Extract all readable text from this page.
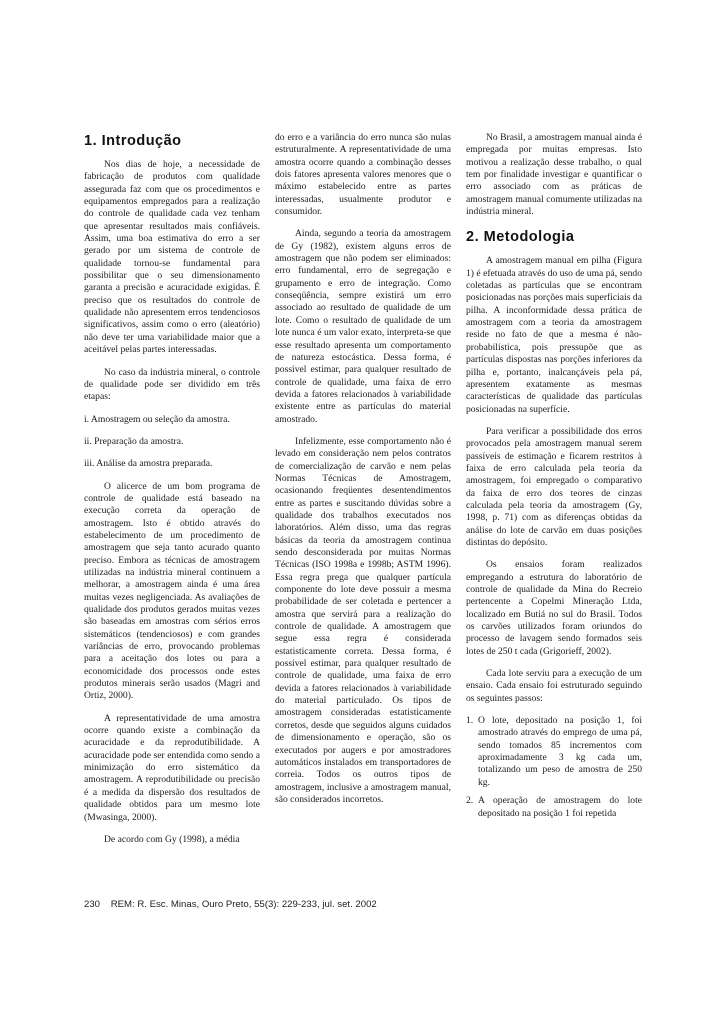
1. Introdução

Nos dias de hoje, a necessidade de fabricação de produtos com qualidade assegurada faz com que os procedimentos e equipamentos empregados para a realização do controle de qualidade cada vez tenham que apresentar resultados mais confiáveis. Assim, uma boa estimativa do erro a ser gerado por um sistema de controle de qualidade tornou-se fundamental para possibilitar que o seu dimensionamento garanta a precisão e acuracidade exigidas. É preciso que os resultados do controle de qualidade não apresentem erros tendenciosos significativos, assim como o erro (aleatório) não deve ter uma variabilidade maior que a aceitável pelas partes interessadas.

No caso da indústria mineral, o controle de qualidade pode ser dividido em três etapas:

i. Amostragem ou seleção da amostra.
ii. Preparação da amostra.
iii. Análise da amostra preparada.

O alicerce de um bom programa de controle de qualidade está baseado na execução correta da operação de amostragem. Isto é obtido através do estabelecimento de um procedimento de amostragem que seja tanto acurado quanto preciso. Embora as técnicas de amostragem utilizadas na indústria mineral continuem a melhorar, a amostragem ainda é uma área muitas vezes negligenciada. As avaliações de qualidade dos produtos gerados muitas vezes são baseadas em amostras com sérios erros sistemáticos (tendenciosos) e com grandes variâncias de erro, provocando problemas para a aceitação dos lotes ou para a economicidade dos processos onde estes produtos minerais serão usados (Magri and Ortiz, 2000).

A representatividade de uma amostra ocorre quando existe a combinação da acuracidade e da reprodutibilidade. A acuracidade pode ser entendida como sendo a minimização do erro sistemático da amostragem. A reprodutibilidade ou precisão é a medida da dispersão dos resultados de qualidade obtidos para um mesmo lote (Mwasinga, 2000).

De acordo com Gy (1998), a média

do erro e a variância do erro nunca são nulas estruturalmente. A representatividade de uma amostra ocorre quando a combinação desses dois fatores apresenta valores menores que o máximo estabelecido entre as partes interessadas, usualmente produtor e consumidor.

Ainda, segundo a teoria da amostragem de Gy (1982), existem alguns erros de amostragem que não podem ser eliminados: erro fundamental, erro de segregação e grupamento e erro de integração. Como conseqüência, sempre existirá um erro associado ao resultado de qualidade de um lote. Como o resultado de qualidade de um lote nunca é um valor exato, interpreta-se que esse resultado apresenta um comportamento de natureza estocástica. Dessa forma, é possível estimar, para qualquer resultado de controle de qualidade, uma faixa de erro devida a fatores relacionados à variabilidade existente entre as partículas do material amostrado.

Infelizmente, esse comportamento não é levado em consideração nem pelos contratos de comercialização de carvão e nem pelas Normas Técnicas de Amostragem, ocasionando freqüentes desentendimentos entre as partes e suscitando dúvidas sobre a qualidade dos trabalhos executados nos laboratórios. Além disso, uma das regras básicas da teoria da amostragem continua sendo desconsiderada por muitas Normas Técnicas (ISO 1998a e 1998b; ASTM 1996). Essa regra prega que qualquer partícula componente do lote deve possuir a mesma probabilidade de ser coletada e pertencer a amostra que servirá para a realização do controle de qualidade. A amostragem que segue essa regra é considerada estatisticamente correta. Dessa forma, é possível estimar, para qualquer resultado de controle de qualidade, uma faixa de erro devida a fatores relacionados à variabilidade do material particulado. Os tipos de amostragem consideradas estatisticamente corretos, desde que seguidos alguns cuidados de dimensionamento e operação, são os executados por augers e por amostradores automáticos instalados em transportadores de correia. Todos os outros tipos de amostragem, inclusive a amostragem manual, são considerados incorretos.

No Brasil, a amostragem manual ainda é empregada por muitas empresas. Isto motivou a realização desse trabalho, o qual tem por finalidade investigar e quantificar o erro associado com as práticas de amostragem manual comumente utilizadas na indústria mineral.

2. Metodologia

A amostragem manual em pilha (Figura 1) é efetuada através do uso de uma pá, sendo coletadas as partículas que se encontram posicionadas nas porções mais superficiais da pilha. A inconformidade dessa prática de amostragem com a teoria da amostragem reside no fato de que a mesma é não-probabilística, pois pressupõe que as partículas dispostas nas porções inferiores da pilha e, portanto, inalcançáveis pela pá, apresentem exatamente as mesmas características de qualidade das partículas posicionadas na superfície.

Para verificar a possibilidade dos erros provocados pela amostragem manual serem passíveis de estimação e ficarem restritos à faixa de erro calculada pela teoria da amostragem, foi empregado o comparativo da faixa de erro dos teores de cinzas calculada pela teoria da amostragem (Gy, 1998, p. 71) com as diferenças obtidas da análise do lote de carvão em duas posições distintas do depósito.

Os ensaios foram realizados empregando a estrutura do laboratório de controle de qualidade da Mina do Recreio pertencente a Copelmi Mineração Ltda, localizado em Butiá no sul do Brasil. Todos os carvões utilizados foram oriundos do processo de lavagem sendo formados seis lotes de 250 t cada (Grigorieff, 2002).

Cada lote serviu para a execução de um ensaio. Cada ensaio foi estruturado seguindo os seguintes passos:

1. O lote, depositado na posição 1, foi amostrado através do emprego de uma pá, sendo tomados 85 incrementos com aproximadamente 3 kg cada um, totalizando um peso de amostra de 250 kg.
2. A operação de amostragem do lote depositado na posição 1 foi repetida
230 REM: R. Esc. Minas, Ouro Preto, 55(3): 229-233, jul. set. 2002
